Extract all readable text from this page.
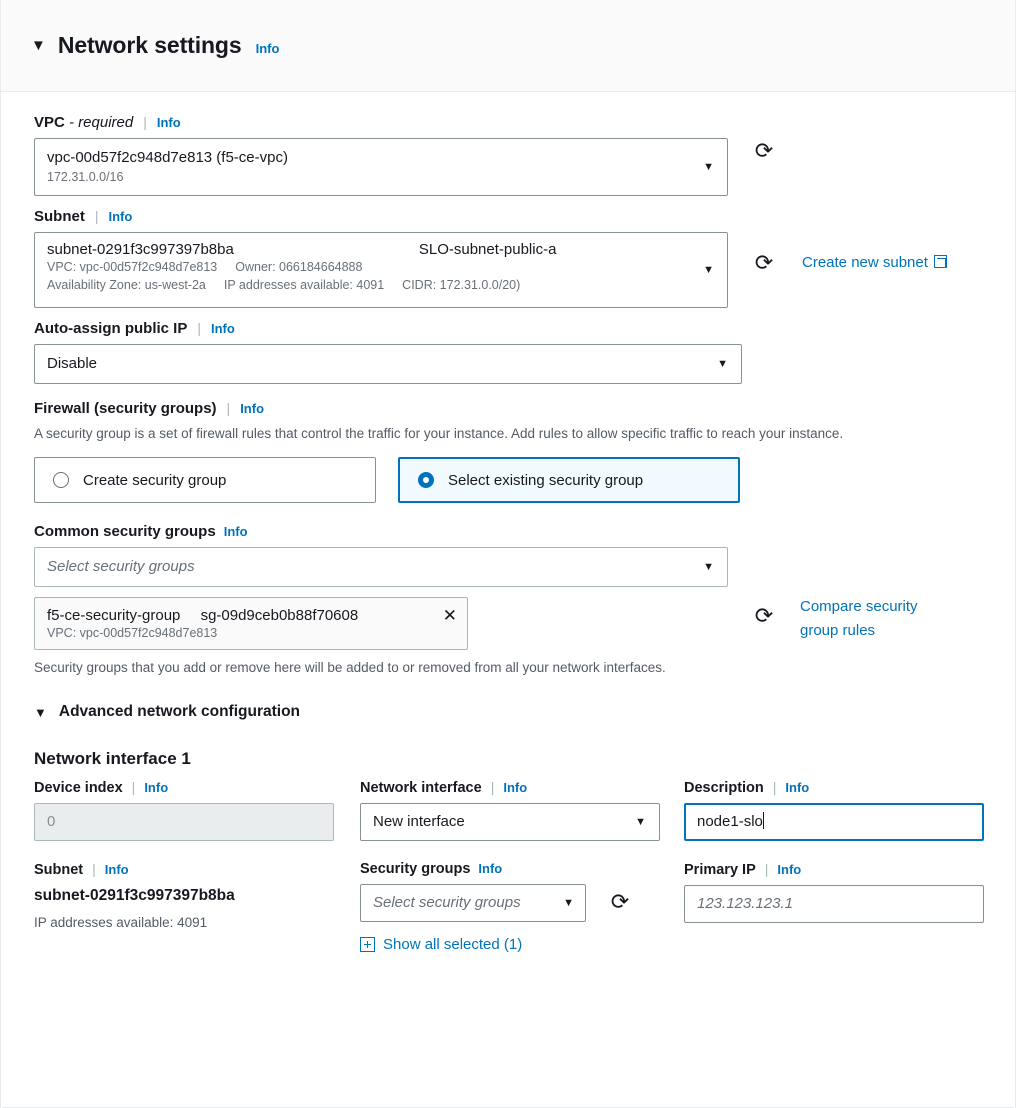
▼ Network settings Info
VPC - required | Info
vpc-00d57f2c948d7e813 (f5-ce-vpc)
172.31.0.0/16
▼
⟳
Subnet | Info
subnet-0291f3c997397b8ba	SLO-subnet-public-a
VPC: vpc-00d57f2c948d7e813 Owner: 066184664888
Availability Zone: us-west-2a IP addresses available: 4091 CIDR: 172.31.0.0/20)
▼ ⟳ Create new subnet
Auto-assign public IP | Info
Disable	▼
Firewall (security groups) | Info
A security group is a set of firewall rules that control the traffic for your instance. Add rules to allow specific traffic to reach your instance.
Create security group	Select existing security group
Common security groups Info
Select security groups	▼
f5-ce-security-group sg-09d9ceb0b88f70608
VPC: vpc-00d57f2c948d7e813
✕	⟳ Compare security
group rules
Security groups that you add or remove here will be added to or removed from all your network interfaces.
▼ Advanced network configuration
Network interface 1
Device index | Info
0
Network interface | Info
New interface	▼
Description | Info
node1-slo
Subnet | Info
subnet-0291f3c997397b8ba
IP addresses available: 4091
Security groups Info
Select security groups	▼ ⟳
Show all selected (1)
Primary IP | Info
123.123.123.1
